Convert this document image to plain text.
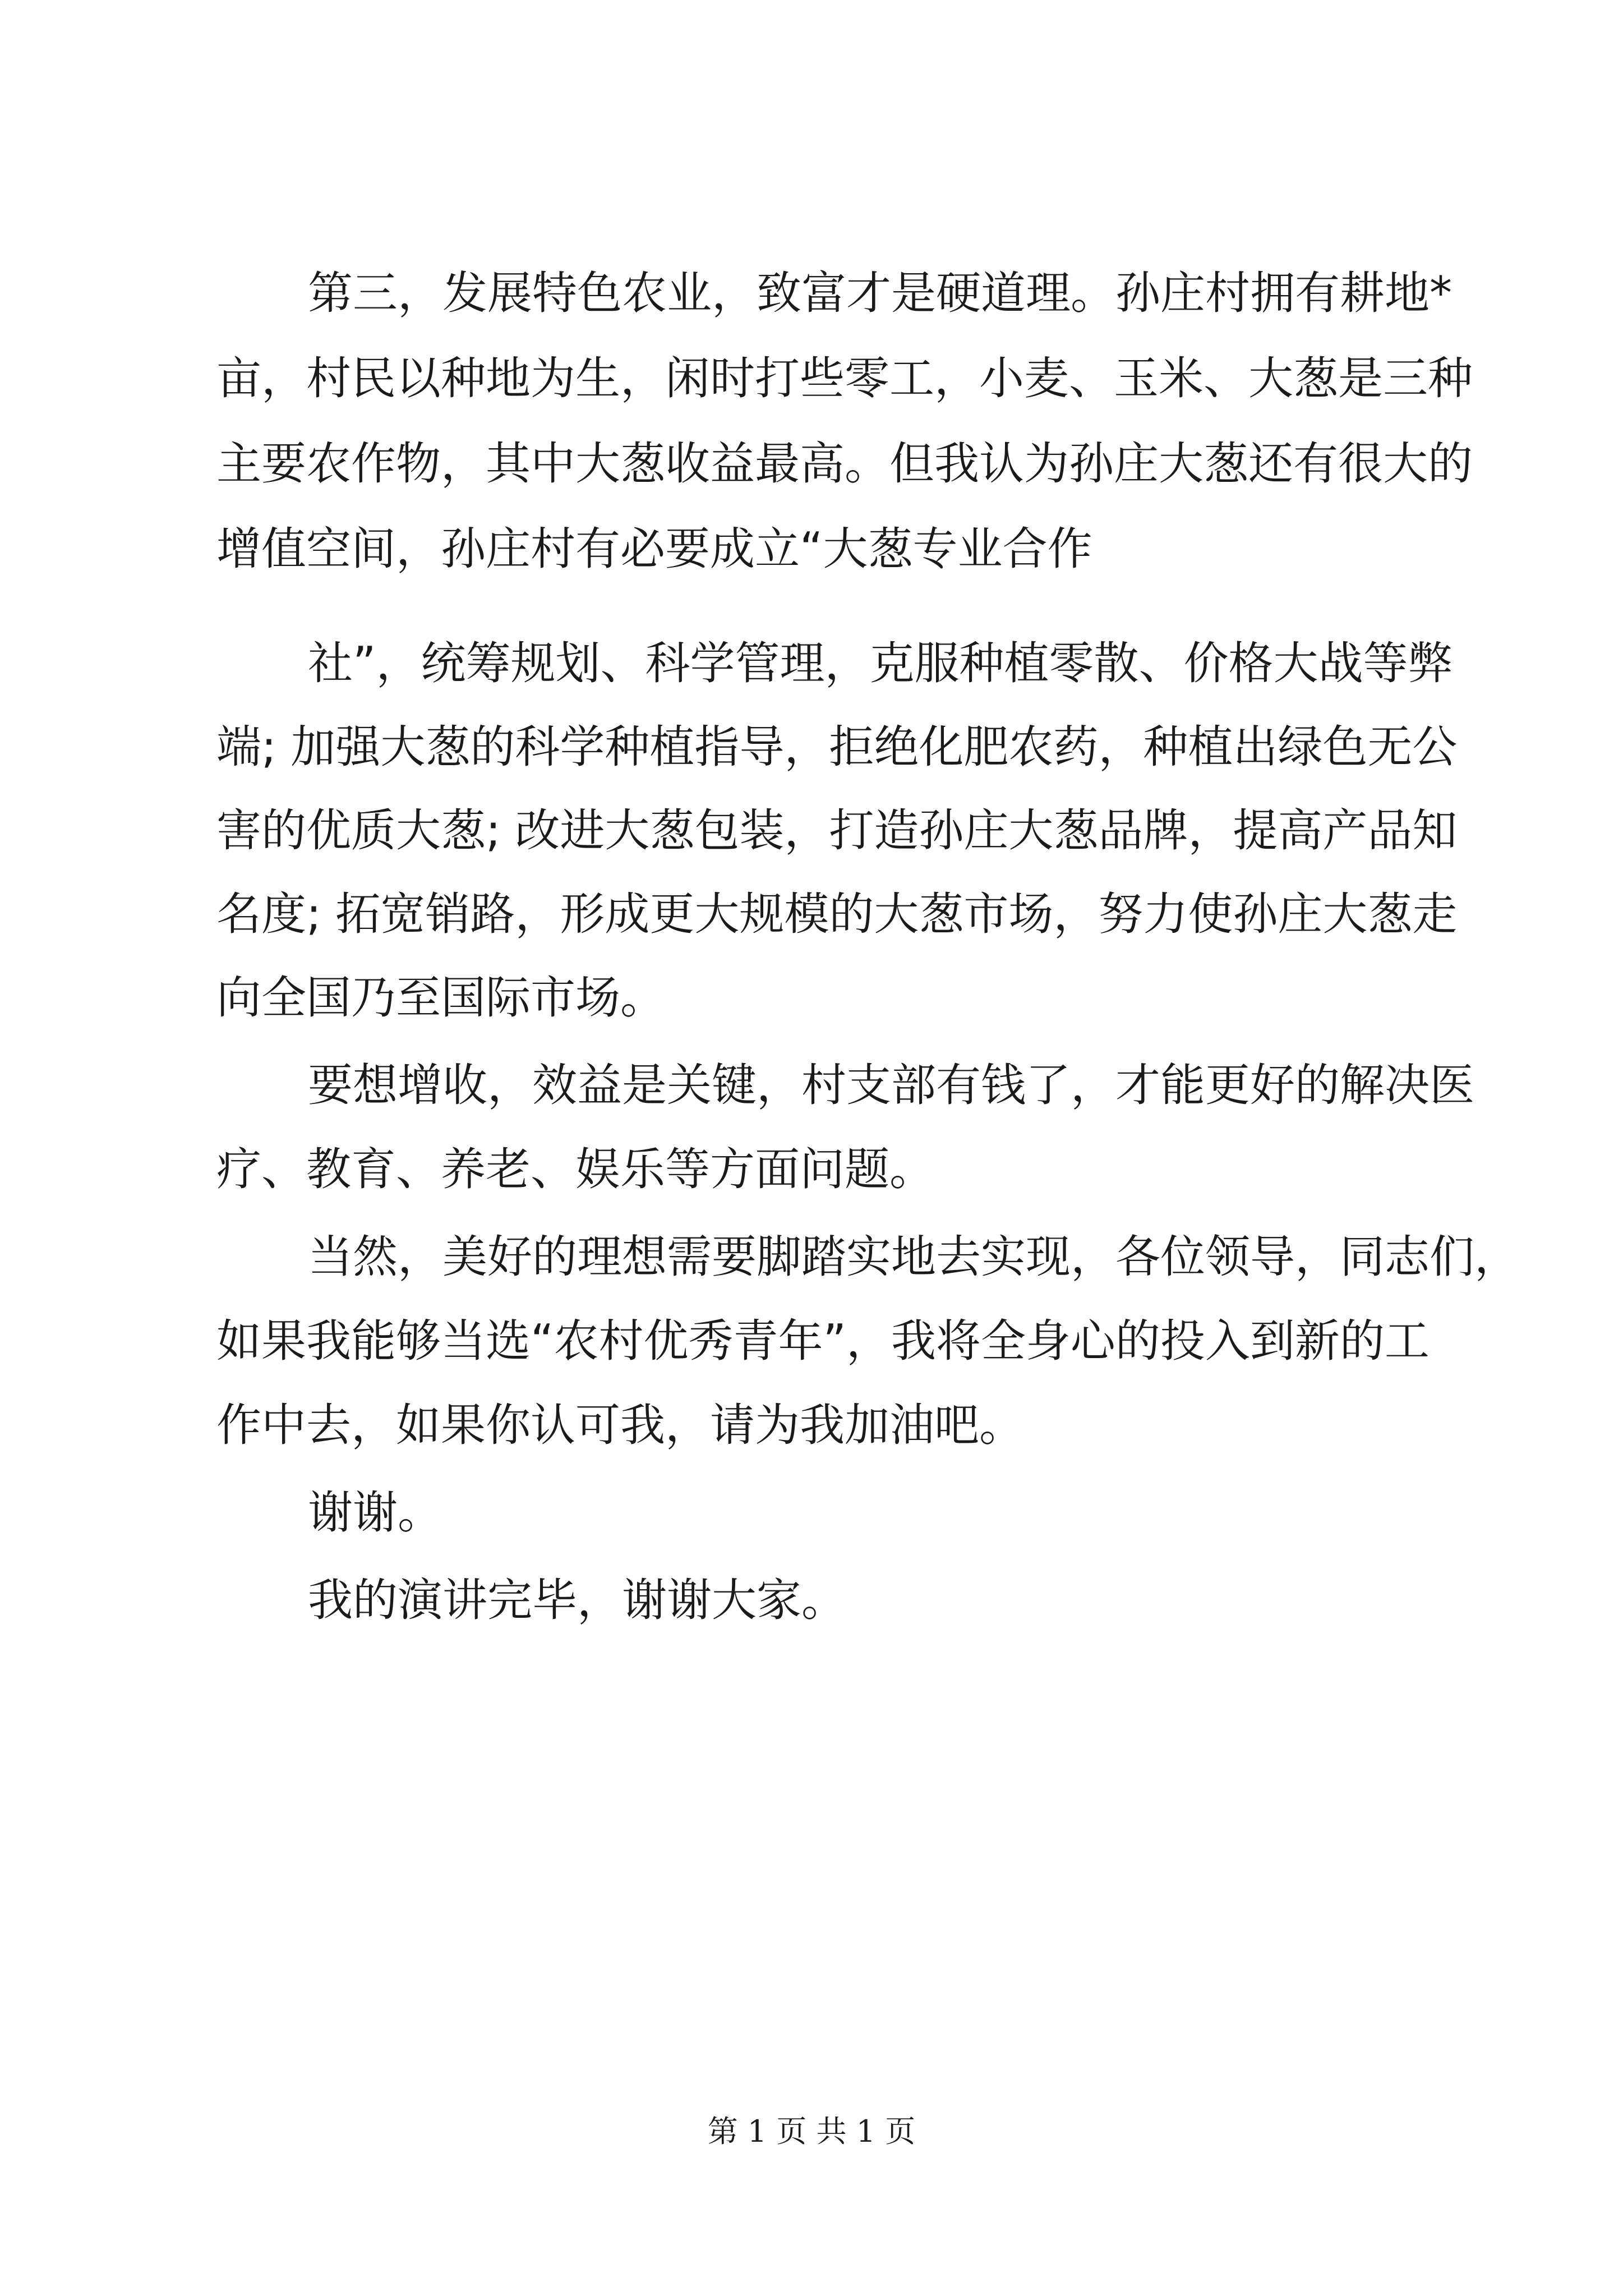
第三，发展特色农业，致富才是硬道理。孙庄村拥有耕地*
亩，村民以种地为生，闲时打些零工，小麦、玉米、大葱是三种
主要农作物，其中大葱收益最高。但我认为孙庄大葱还有很大的
增值空间，孙庄村有必要成立“大葱专业合作
社”，统筹规划、科学管理，克服种植零散、价格大战等弊
端; 加强大葱的科学种植指导，拒绝化肥农药，种植出绿色无公
害的优质大葱; 改进大葱包装，打造孙庄大葱品牌，提高产品知
名度; 拓宽销路，形成更大规模的大葱市场，努力使孙庄大葱走
向全国乃至国际市场。
要想增收，效益是关键，村支部有钱了，才能更好的解决医
疗、教育、养老、娱乐等方面问题。
当然，美好的理想需要脚踏实地去实现，各位领导，同志们，
如果我能够当选“农村优秀青年”，我将全身心的投入到新的工
作中去，如果你认可我，请为我加油吧。
谢谢。
我的演讲完毕，谢谢大家。
第 1 页 共 1 页
